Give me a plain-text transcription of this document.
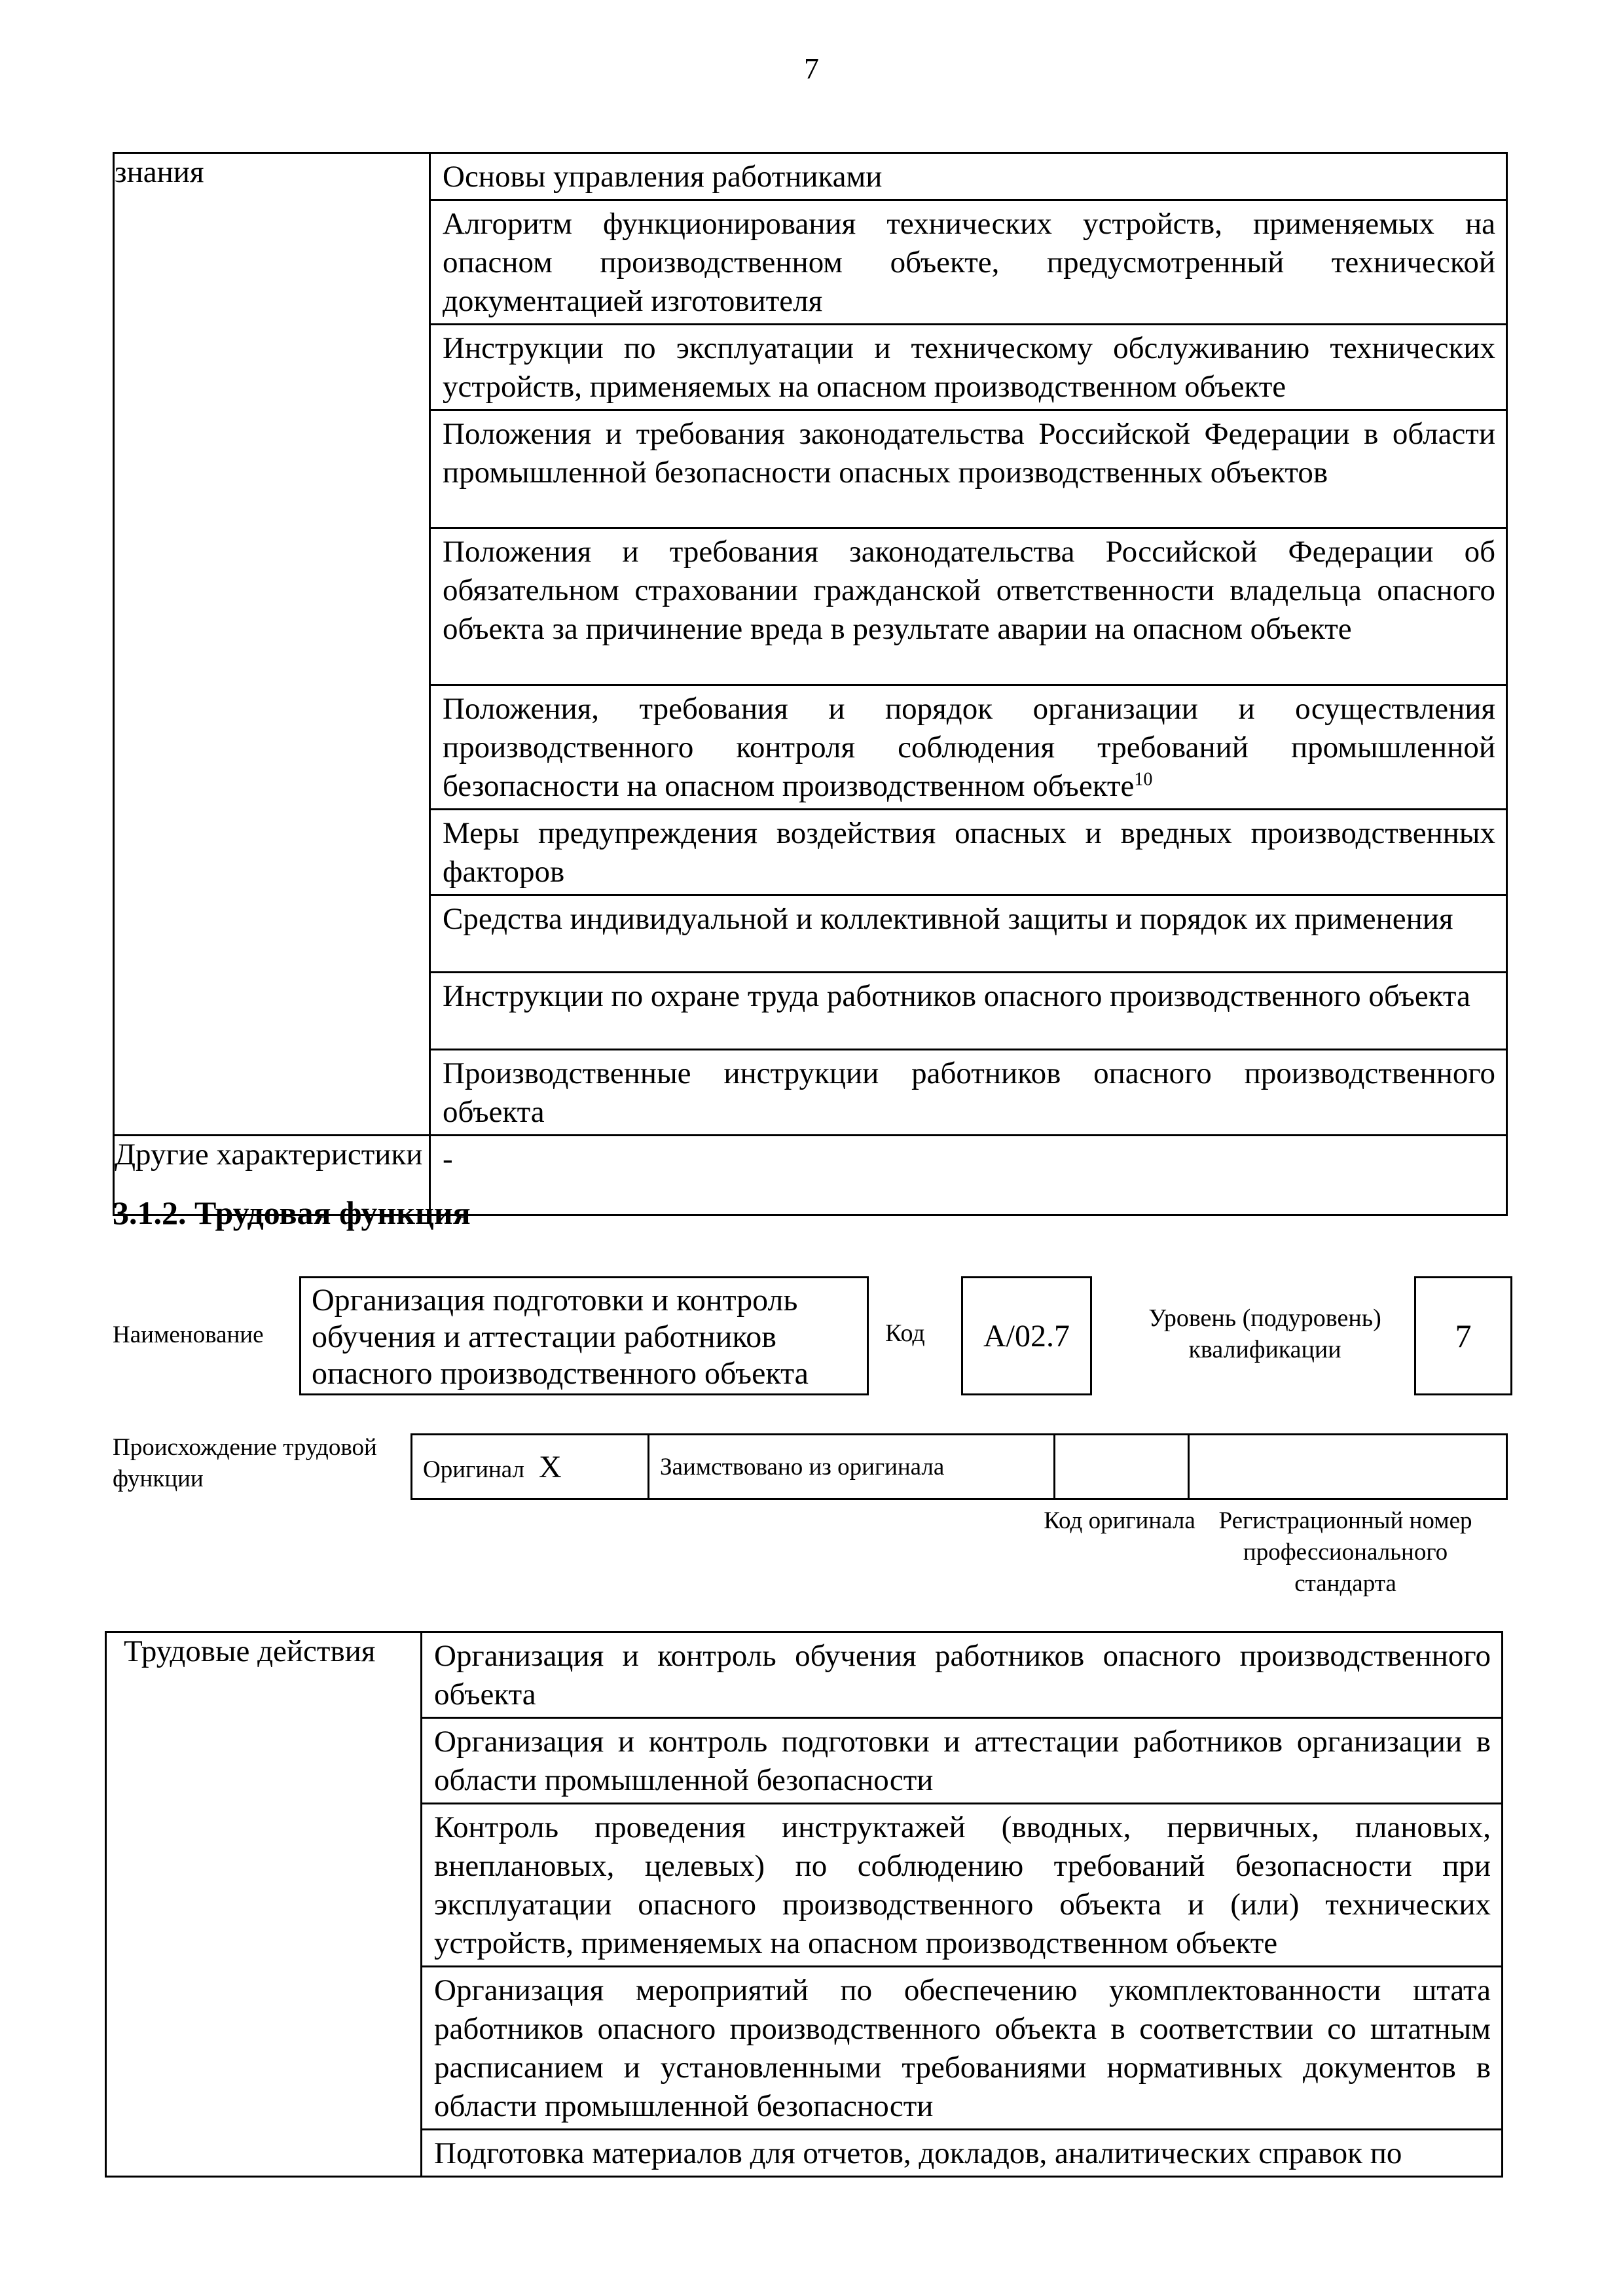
7
знания	Основы управления работниками

	Алгоритм функционирования технических устройств, применяемых на опасном производственном объекте, предусмотренный технической документацией изготовителя

	Инструкции по эксплуатации и техническому обслуживанию технических устройств, применяемых на опасном производственном объекте

	Положения и требования законодательства Российской Федерации в области промышленной безопасности опасных производственных объектов

	Положения и требования законодательства Российской Федерации об обязательном страховании гражданской ответственности владельца опасного объекта за причинение вреда в результате аварии на опасном объекте

	Положения, требования и порядок организации и осуществления производственного контроля соблюдения требований промышленной безопасности на опасном производственном объекте$^{10}$

	Меры предупреждения воздействия опасных и вредных производственных факторов

	Средства индивидуальной и коллективной защиты и порядок их применения

	Инструкции по охране труда работников опасного производственного объекта

	Производственные инструкции работников опасного производственного объекта

Другие характеристики	-
3.1.2. Трудовая функция
Наименование
Организация подготовки и контроль обучения и аттестации работников опасного производственного объекта
Код	A/02.7
Уровень (подуровень) квалификации	7
Происхождение трудовой функции	Оригинал X	Заимствовано из оригинала		
Код оригинала Регистрационный номер профессионального стандарта
Трудовые действия	Организация и контроль обучения работников опасного производственного объекта

Организация и контроль подготовки и аттестации работников организации в области промышленной безопасности

Контроль проведения инструктажей (вводных, первичных, плановых, внеплановых, целевых) по соблюдению требований безопасности при эксплуатации опасного производственного объекта и (или) технических устройств, применяемых на опасном производственном объекте

Организация мероприятий по обеспечению укомплектованности штата работников опасного производственного объекта в соответствии со штатным расписанием и установленными требованиями нормативных документов в области промышленной безопасности

Подготовка материалов для отчетов, докладов, аналитических справок по
